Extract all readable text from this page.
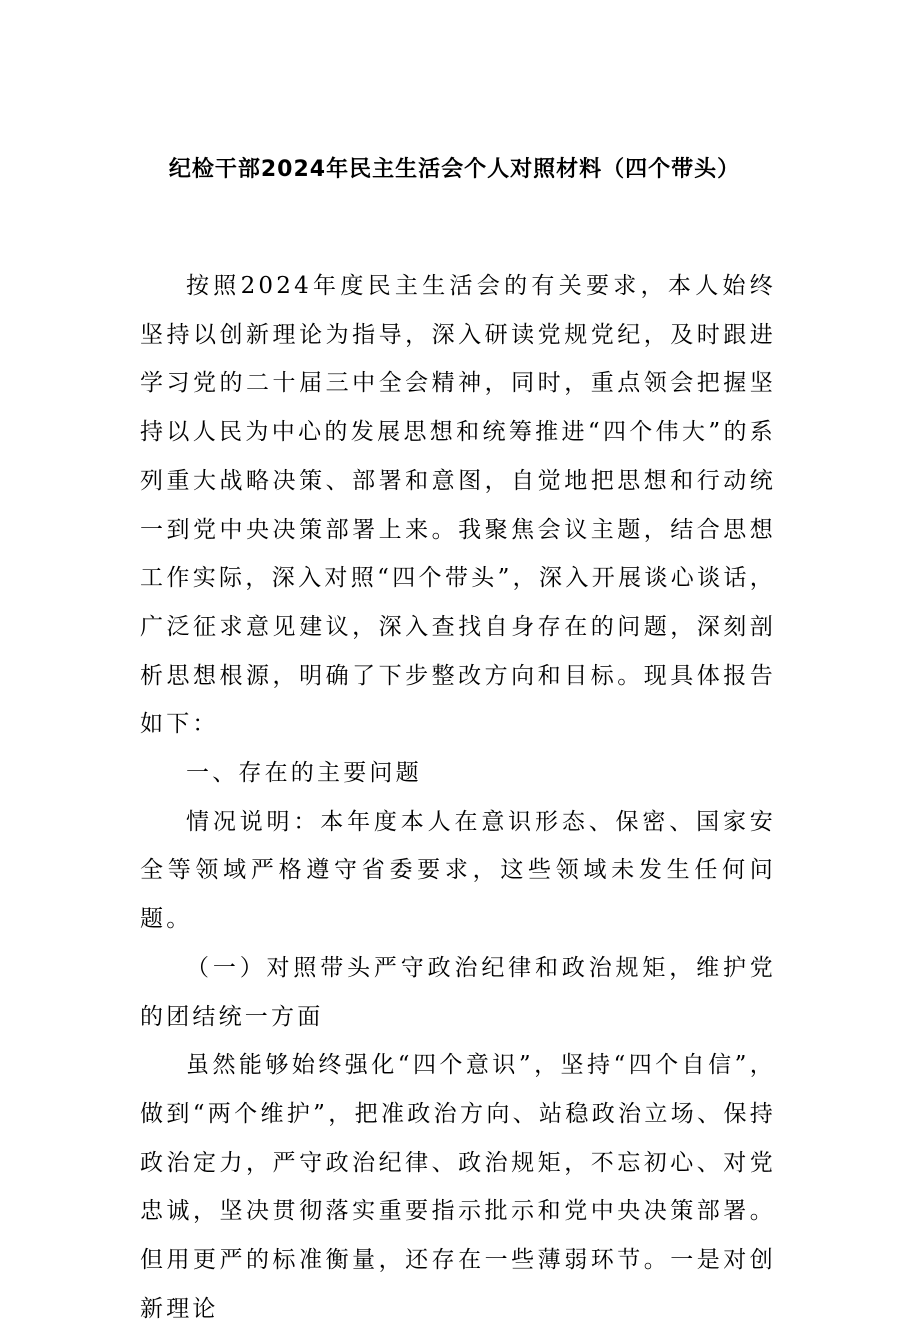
纪检干部2024年民主生活会个人对照材料（四个带头）

按照2024年度民主生活会的有关要求，本人始终坚持以创新理论为指导，深入研读党规党纪，及时跟进学习党的二十届三中全会精神，同时，重点领会把握坚持以人民为中心的发展思想和统筹推进“四个伟大”的系列重大战略决策、部署和意图，自觉地把思想和行动统一到党中央决策部署上来。我聚焦会议主题，结合思想工作实际，深入对照“四个带头”，深入开展谈心谈话，广泛征求意见建议，深入查找自身存在的问题，深刻剖析思想根源，明确了下步整改方向和目标。现具体报告如下：

一、存在的主要问题

情况说明：本年度本人在意识形态、保密、国家安全等领域严格遵守省委要求，这些领域未发生任何问题。

（一）对照带头严守政治纪律和政治规矩，维护党的团结统一方面

虽然能够始终强化“四个意识”，坚持“四个自信”，做到“两个维护”，把准政治方向、站稳政治立场、保持政治定力，严守政治纪律、政治规矩，不忘初心、对党忠诚，坚决贯彻落实重要指示批示和党中央决策部署。但用更严的标准衡量，还存在一些薄弱环节。一是对创新理论
